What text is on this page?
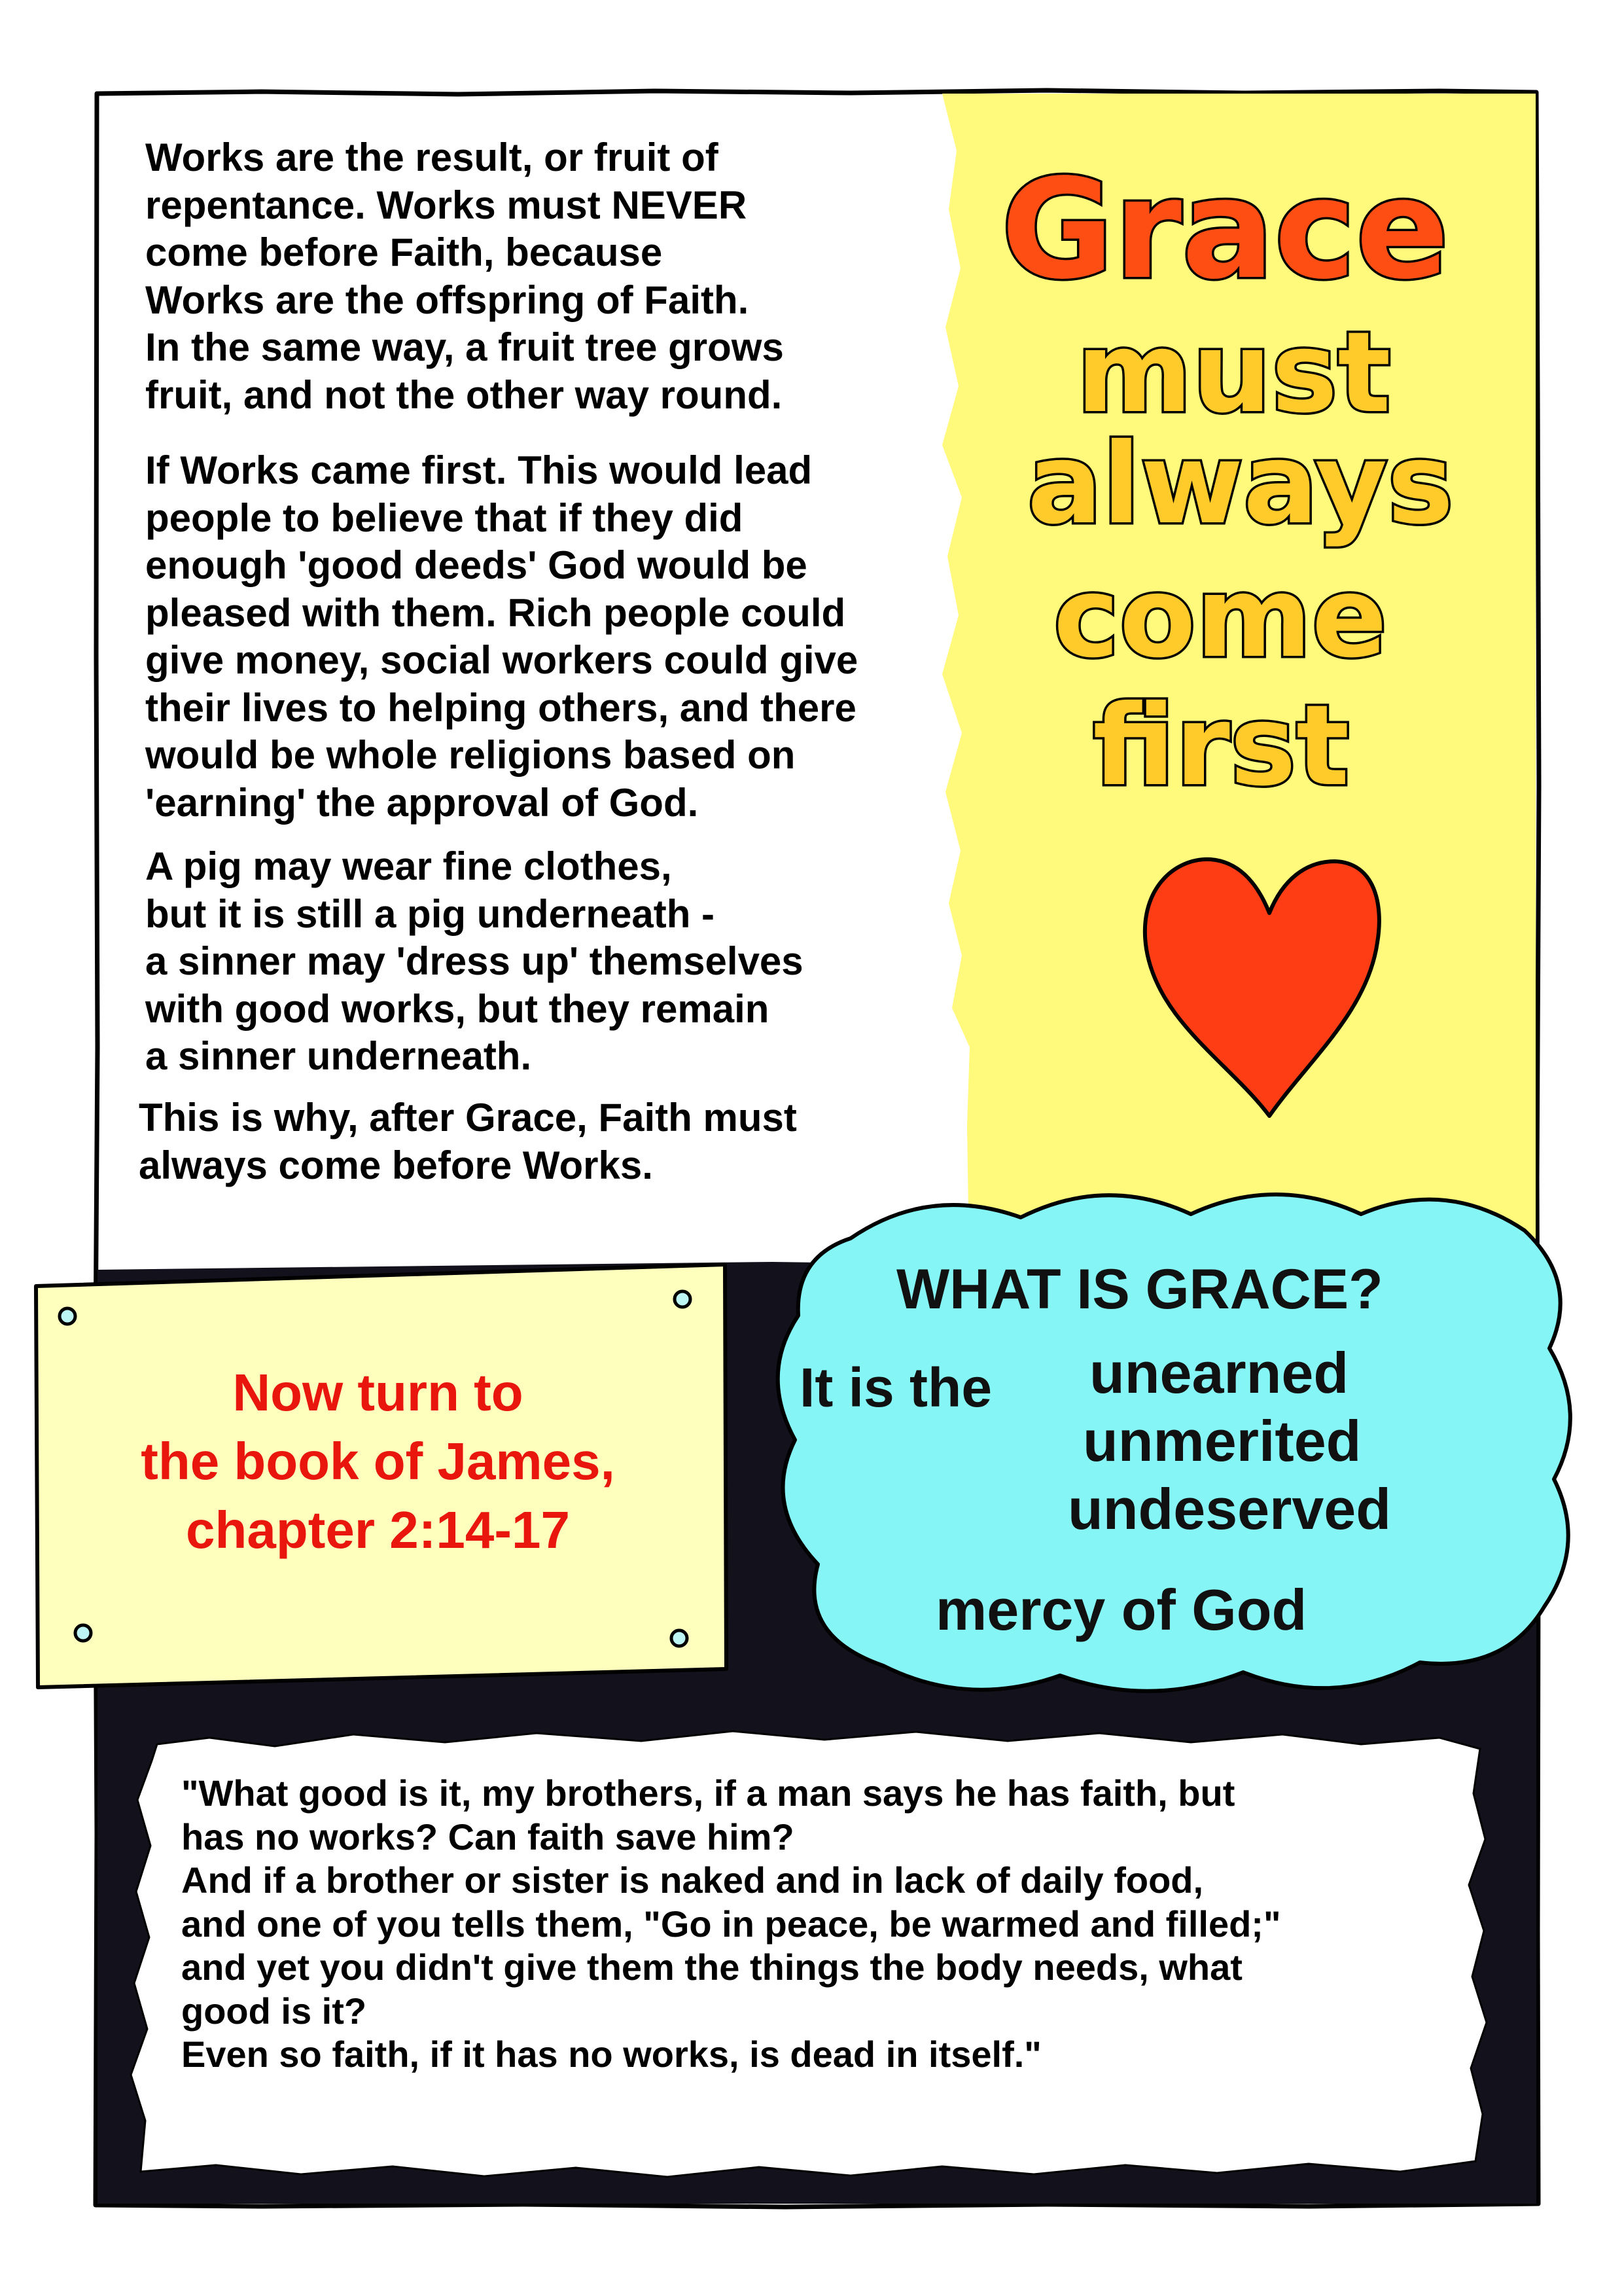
Works are the result, or fruit of
repentance. Works must NEVER
come before Faith, because
Works are the offspring of Faith.
In the same way, a fruit tree grows
fruit, and not the other way round.
If Works came first. This would lead
people to believe that if they did
enough 'good deeds' God would be
pleased with them. Rich people could
give money, social workers could give
their lives to helping others, and there
would be whole religions based on
'earning' the approval of God.
A pig may wear fine clothes,
but it is still a pig underneath -
a sinner may 'dress up' themselves
with good works, but they remain
a sinner underneath.
This is why, after Grace, Faith must
always come before Works.
Grace
must
always
come
first
Now turn to
the book of James,
chapter 2:14-17
WHAT IS GRACE?
It is the unearned
unmerited
undeserved
mercy of God
"What good is it, my brothers, if a man says he has faith, but
has no works? Can faith save him?
And if a brother or sister is naked and in lack of daily food,
and one of you tells them, "Go in peace, be warmed and filled;"
and yet you didn't give them the things the body needs, what
good is it?
Even so faith, if it has no works, is dead in itself."
